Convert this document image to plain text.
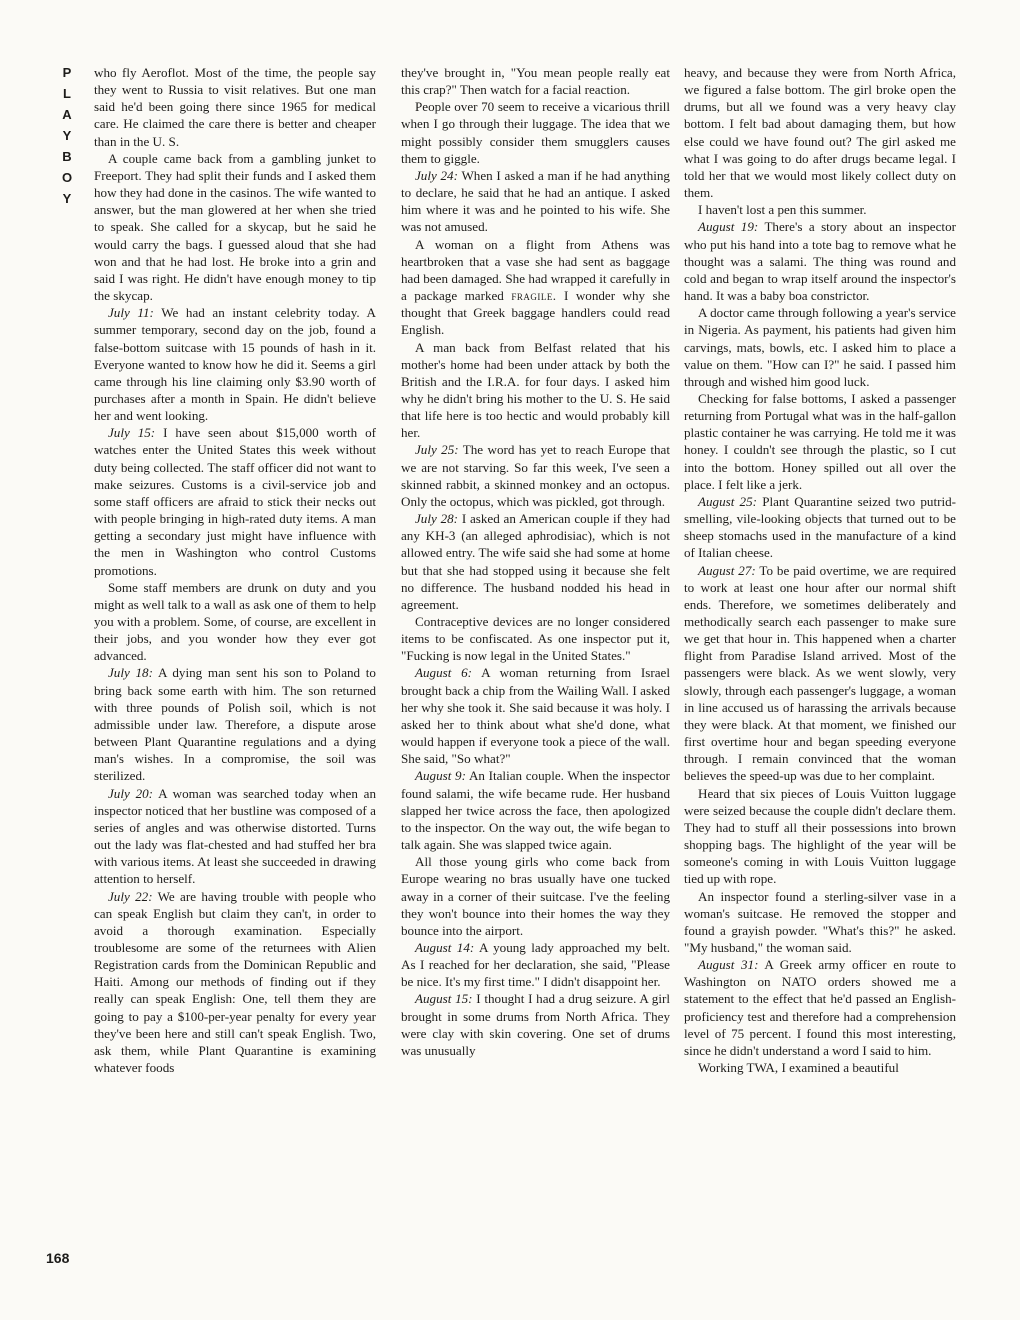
P
L
A
Y
B
O
Y

who fly Aeroflot. Most of the time, the people say they went to Russia to visit relatives. But one man said he'd been going there since 1965 for medical care. He claimed the care there is better and cheaper than in the U. S.

A couple came back from a gambling junket to Freeport. They had split their funds and I asked them how they had done in the casinos. The wife wanted to answer, but the man glowered at her when she tried to speak. She called for a skycap, but he said he would carry the bags. I guessed aloud that she had won and that he had lost. He broke into a grin and said I was right. He didn't have enough money to tip the skycap.

July 11: We had an instant celebrity today. A summer temporary, second day on the job, found a false-bottom suitcase with 15 pounds of hash in it. Everyone wanted to know how he did it. Seems a girl came through his line claiming only $3.90 worth of purchases after a month in Spain. He didn't believe her and went looking.

July 15: I have seen about $15,000 worth of watches enter the United States this week without duty being collected. The staff officer did not want to make seizures. Customs is a civil-service job and some staff officers are afraid to stick their necks out with people bringing in high-rated duty items. A man getting a secondary just might have influence with the men in Washington who control Customs promotions.

Some staff members are drunk on duty and you might as well talk to a wall as ask one of them to help you with a problem. Some, of course, are excellent in their jobs, and you wonder how they ever got advanced.

July 18: A dying man sent his son to Poland to bring back some earth with him. The son returned with three pounds of Polish soil, which is not admissible under law. Therefore, a dispute arose between Plant Quarantine regulations and a dying man's wishes. In a compromise, the soil was sterilized.

July 20: A woman was searched today when an inspector noticed that her bustline was composed of a series of angles and was otherwise distorted. Turns out the lady was flat-chested and had stuffed her bra with various items. At least she succeeded in drawing attention to herself.

July 22: We are having trouble with people who can speak English but claim they can't, in order to avoid a thorough examination. Especially troublesome are some of the returnees with Alien Registration cards from the Dominican Republic and Haiti. Among our methods of finding out if they really can speak English: One, tell them they are going to pay a $100-per-year penalty for every year they've been here and still can't speak English. Two, ask them, while Plant Quarantine is examining whatever foods

they've brought in, "You mean people really eat this crap?" Then watch for a facial reaction.

People over 70 seem to receive a vicarious thrill when I go through their luggage. The idea that we might possibly consider them smugglers causes them to giggle.

July 24: When I asked a man if he had anything to declare, he said that he had an antique. I asked him where it was and he pointed to his wife. She was not amused.

A woman on a flight from Athens was heartbroken that a vase she had sent as baggage had been damaged. She had wrapped it carefully in a package marked fragile. I wonder why she thought that Greek baggage handlers could read English.

A man back from Belfast related that his mother's home had been under attack by both the British and the I.R.A. for four days. I asked him why he didn't bring his mother to the U. S. He said that life here is too hectic and would probably kill her.

July 25: The word has yet to reach Europe that we are not starving. So far this week, I've seen a skinned rabbit, a skinned monkey and an octopus. Only the octopus, which was pickled, got through.

July 28: I asked an American couple if they had any KH-3 (an alleged aphrodisiac), which is not allowed entry. The wife said she had some at home but that she had stopped using it because she felt no difference. The husband nodded his head in agreement.

Contraceptive devices are no longer considered items to be confiscated. As one inspector put it, "Fucking is now legal in the United States."

August 6: A woman returning from Israel brought back a chip from the Wailing Wall. I asked her why she took it. She said because it was holy. I asked her to think about what she'd done, what would happen if everyone took a piece of the wall. She said, "So what?"

August 9: An Italian couple. When the inspector found salami, the wife became rude. Her husband slapped her twice across the face, then apologized to the inspector. On the way out, the wife began to talk again. She was slapped twice again.

All those young girls who come back from Europe wearing no bras usually have one tucked away in a corner of their suitcase. I've the feeling they won't bounce into their homes the way they bounce into the airport.

August 14: A young lady approached my belt. As I reached for her declaration, she said, "Please be nice. It's my first time." I didn't disappoint her.

August 15: I thought I had a drug seizure. A girl brought in some drums from North Africa. They were clay with skin covering. One set of drums was unusually

heavy, and because they were from North Africa, we figured a false bottom. The girl broke open the drums, but all we found was a very heavy clay bottom. I felt bad about damaging them, but how else could we have found out? The girl asked me what I was going to do after drugs became legal. I told her that we would most likely collect duty on them.

I haven't lost a pen this summer.

August 19: There's a story about an inspector who put his hand into a tote bag to remove what he thought was a salami. The thing was round and cold and began to wrap itself around the inspector's hand. It was a baby boa constrictor.

A doctor came through following a year's service in Nigeria. As payment, his patients had given him carvings, mats, bowls, etc. I asked him to place a value on them. "How can I?" he said. I passed him through and wished him good luck.

Checking for false bottoms, I asked a passenger returning from Portugal what was in the half-gallon plastic container he was carrying. He told me it was honey. I couldn't see through the plastic, so I cut into the bottom. Honey spilled out all over the place. I felt like a jerk.

August 25: Plant Quarantine seized two putrid-smelling, vile-looking objects that turned out to be sheep stomachs used in the manufacture of a kind of Italian cheese.

August 27: To be paid overtime, we are required to work at least one hour after our normal shift ends. Therefore, we sometimes deliberately and methodically search each passenger to make sure we get that hour in. This happened when a charter flight from Paradise Island arrived. Most of the passengers were black. As we went slowly, very slowly, through each passenger's luggage, a woman in line accused us of harassing the arrivals because they were black. At that moment, we finished our first overtime hour and began speeding everyone through. I remain convinced that the woman believes the speed-up was due to her complaint.

Heard that six pieces of Louis Vuitton luggage were seized because the couple didn't declare them. They had to stuff all their possessions into brown shopping bags. The highlight of the year will be someone's coming in with Louis Vuitton luggage tied up with rope.

An inspector found a sterling-silver vase in a woman's suitcase. He removed the stopper and found a grayish powder. "What's this?" he asked. "My husband," the woman said.

August 31: A Greek army officer en route to Washington on NATO orders showed me a statement to the effect that he'd passed an English-proficiency test and therefore had a comprehension level of 75 percent. I found this most interesting, since he didn't understand a word I said to him.

Working TWA, I examined a beautiful

168
